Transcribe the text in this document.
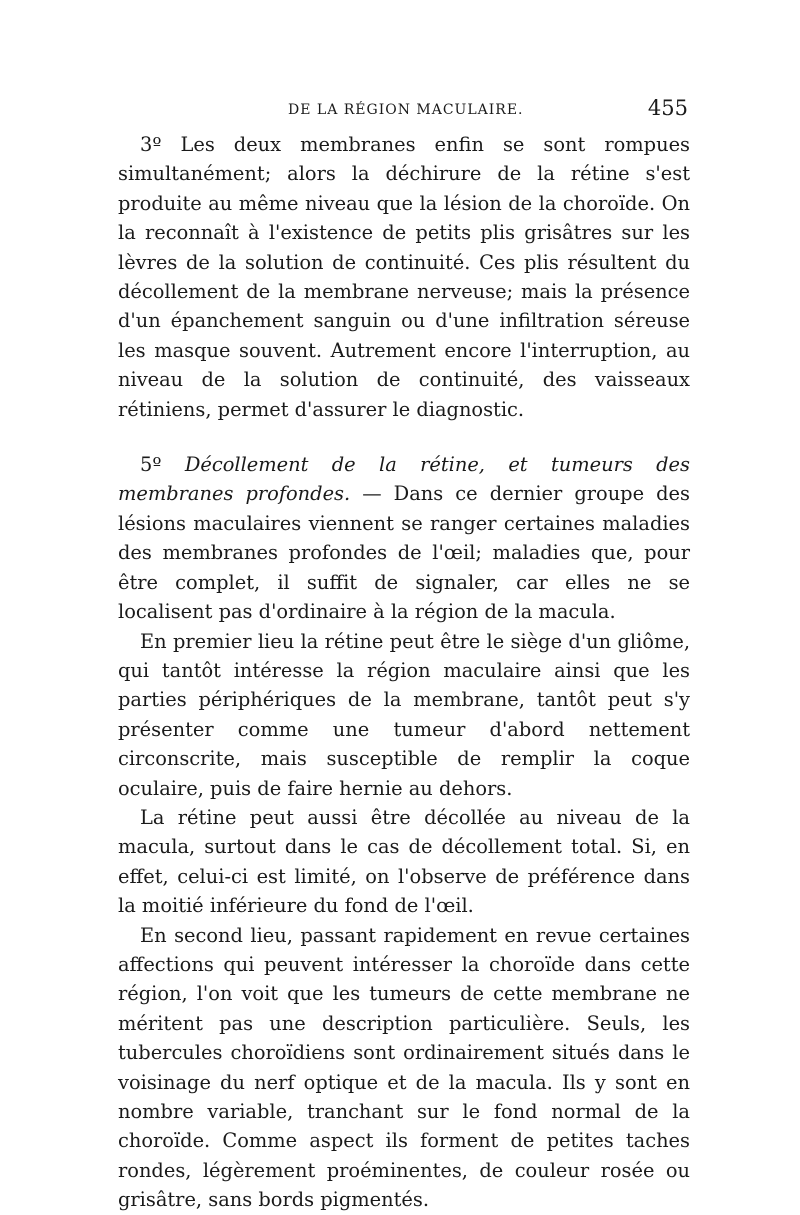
DE LA RÉGION MACULAIRE.	455

3º Les deux membranes enfin se sont rompues simultanément; alors la déchirure de la rétine s'est produite au même niveau que la lésion de la choroïde. On la reconnaît à l'existence de petits plis grisâtres sur les lèvres de la solution de continuité. Ces plis résultent du décollement de la membrane nerveuse; mais la présence d'un épanchement sanguin ou d'une infiltration séreuse les masque souvent. Autrement encore l'interruption, au niveau de la solution de continuité, des vaisseaux rétiniens, permet d'assurer le diagnostic.

5º Décollement de la rétine, et tumeurs des membranes profondes. — Dans ce dernier groupe des lésions maculaires viennent se ranger certaines maladies des membranes profondes de l'œil; maladies que, pour être complet, il suffit de signaler, car elles ne se localisent pas d'ordinaire à la région de la macula.

En premier lieu la rétine peut être le siège d'un gliôme, qui tantôt intéresse la région maculaire ainsi que les parties périphériques de la membrane, tantôt peut s'y présenter comme une tumeur d'abord nettement circonscrite, mais susceptible de remplir la coque oculaire, puis de faire hernie au dehors.

La rétine peut aussi être décollée au niveau de la macula, surtout dans le cas de décollement total. Si, en effet, celui-ci est limité, on l'observe de préférence dans la moitié inférieure du fond de l'œil.

En second lieu, passant rapidement en revue certaines affections qui peuvent intéresser la choroïde dans cette région, l'on voit que les tumeurs de cette membrane ne méritent pas une description particulière. Seuls, les tubercules choroïdiens sont ordinairement situés dans le voisinage du nerf optique et de la macula. Ils y sont en nombre variable, tranchant sur le fond normal de la choroïde. Comme aspect ils forment de petites taches rondes, légèrement proéminentes, de couleur rosée ou grisâtre, sans bords pigmentés.
